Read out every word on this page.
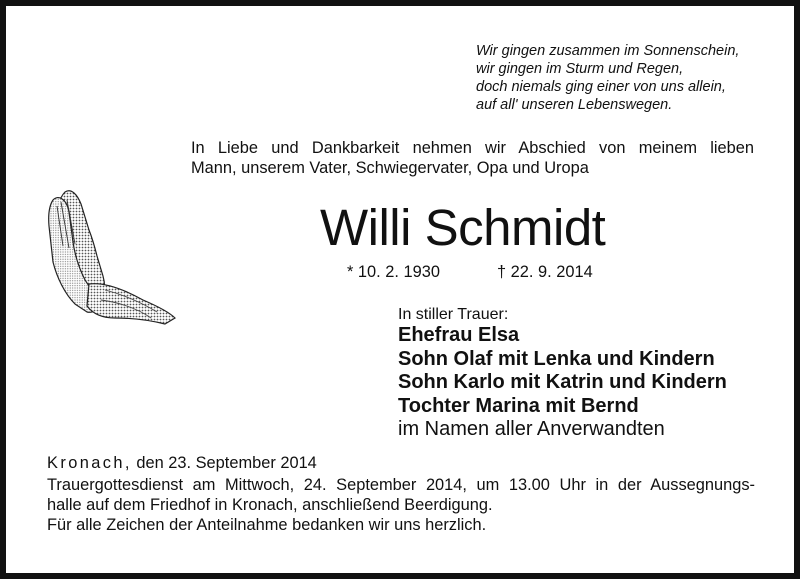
Wir gingen zusammen im Sonnenschein,
wir gingen im Sturm und Regen,
doch niemals ging einer von uns allein,
auf all' unseren Lebenswegen.
In Liebe und Dankbarkeit nehmen wir Abschied von meinem lieben
Mann, unserem Vater, Schwiegervater, Opa und Uropa
Willi Schmidt
* 10. 2. 1930	† 22. 9. 2014
In stiller Trauer:
Ehefrau Elsa
Sohn Olaf mit Lenka und Kindern
Sohn Karlo mit Katrin und Kindern
Tochter Marina mit Bernd
im Namen aller Anverwandten
Kronach, den 23. September 2014
Trauergottesdienst am Mittwoch, 24. September 2014, um 13.00 Uhr in der Aussegnungs-
halle auf dem Friedhof in Kronach, anschließend Beerdigung.
Für alle Zeichen der Anteilnahme bedanken wir uns herzlich.
